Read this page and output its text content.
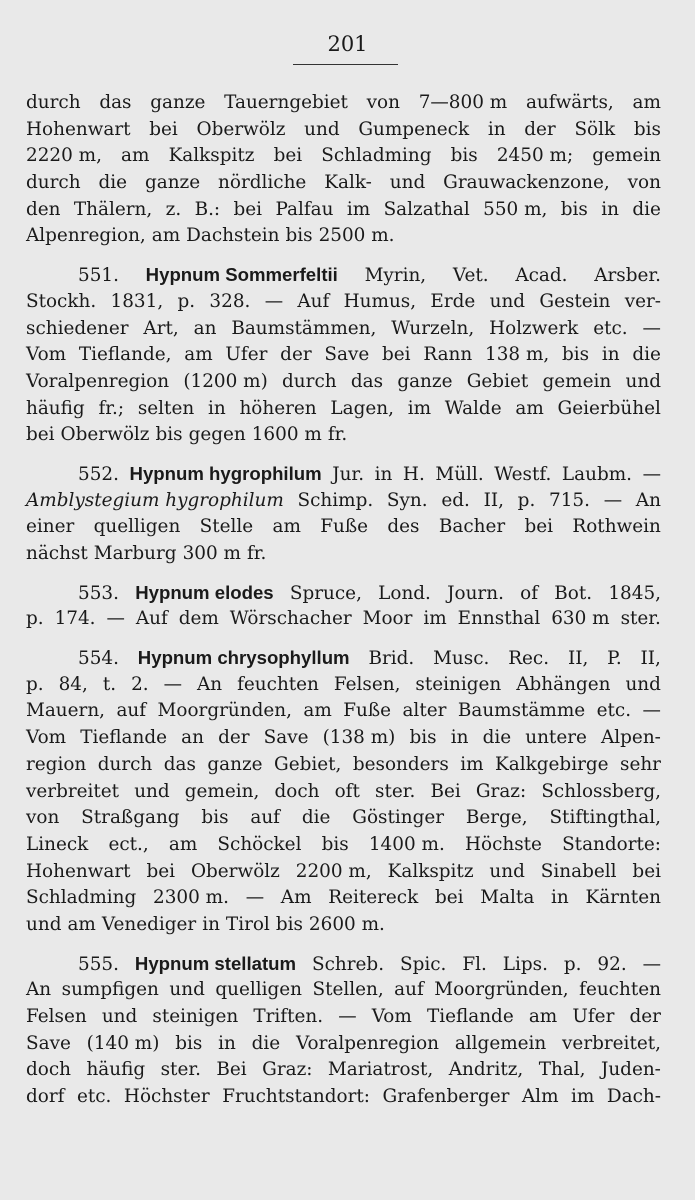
201
durch das ganze Tauerngebiet von 7—800 m aufwärts, am
Hohenwart bei Oberwölz und Gumpeneck in der Sölk bis
2220 m, am Kalkspitz bei Schladming bis 2450 m; gemein
durch die ganze nördliche Kalk- und Grauwackenzone, von
den Thälern, z. B.: bei Palfau im Salzathal 550 m, bis in die
Alpenregion, am Dachstein bis 2500 m.
551. Hypnum Sommerfeltii Myrin, Vet. Acad. Arsber.
Stockh. 1831, p. 328. — Auf Humus, Erde und Gestein ver-
schiedener Art, an Baumstämmen, Wurzeln, Holzwerk etc. —
Vom Tieflande, am Ufer der Save bei Rann 138 m, bis in die
Voralpenregion (1200 m) durch das ganze Gebiet gemein und
häufig fr.; selten in höheren Lagen, im Walde am Geierbühel
bei Oberwölz bis gegen 1600 m fr.
552. Hypnum hygrophilum Jur. in H. Müll. Westf. Laubm. —
Amblystegium hygrophilum Schimp. Syn. ed. II, p. 715. — An
einer quelligen Stelle am Fuße des Bacher bei Rothwein
nächst Marburg 300 m fr.
553. Hypnum elodes Spruce, Lond. Journ. of Bot. 1845,
p. 174. — Auf dem Wörschacher Moor im Ennsthal 630 m ster.
554. Hypnum chrysophyllum Brid. Musc. Rec. II, P. II,
p. 84, t. 2. — An feuchten Felsen, steinigen Abhängen und
Mauern, auf Moorgründen, am Fuße alter Baumstämme etc. —
Vom Tieflande an der Save (138 m) bis in die untere Alpen-
region durch das ganze Gebiet, besonders im Kalkgebirge sehr
verbreitet und gemein, doch oft ster. Bei Graz: Schlossberg,
von Straßgang bis auf die Göstinger Berge, Stiftingthal,
Lineck ect., am Schöckel bis 1400 m. Höchste Standorte:
Hohenwart bei Oberwölz 2200 m, Kalkspitz und Sinabell bei
Schladming 2300 m. — Am Reitereck bei Malta in Kärnten
und am Venediger in Tirol bis 2600 m.
555. Hypnum stellatum Schreb. Spic. Fl. Lips. p. 92. —
An sumpfigen und quelligen Stellen, auf Moorgründen, feuchten
Felsen und steinigen Triften. — Vom Tieflande am Ufer der
Save (140 m) bis in die Voralpenregion allgemein verbreitet,
doch häufig ster. Bei Graz: Mariatrost, Andritz, Thal, Juden-
dorf etc. Höchster Fruchtstandort: Grafenberger Alm im Dach-
